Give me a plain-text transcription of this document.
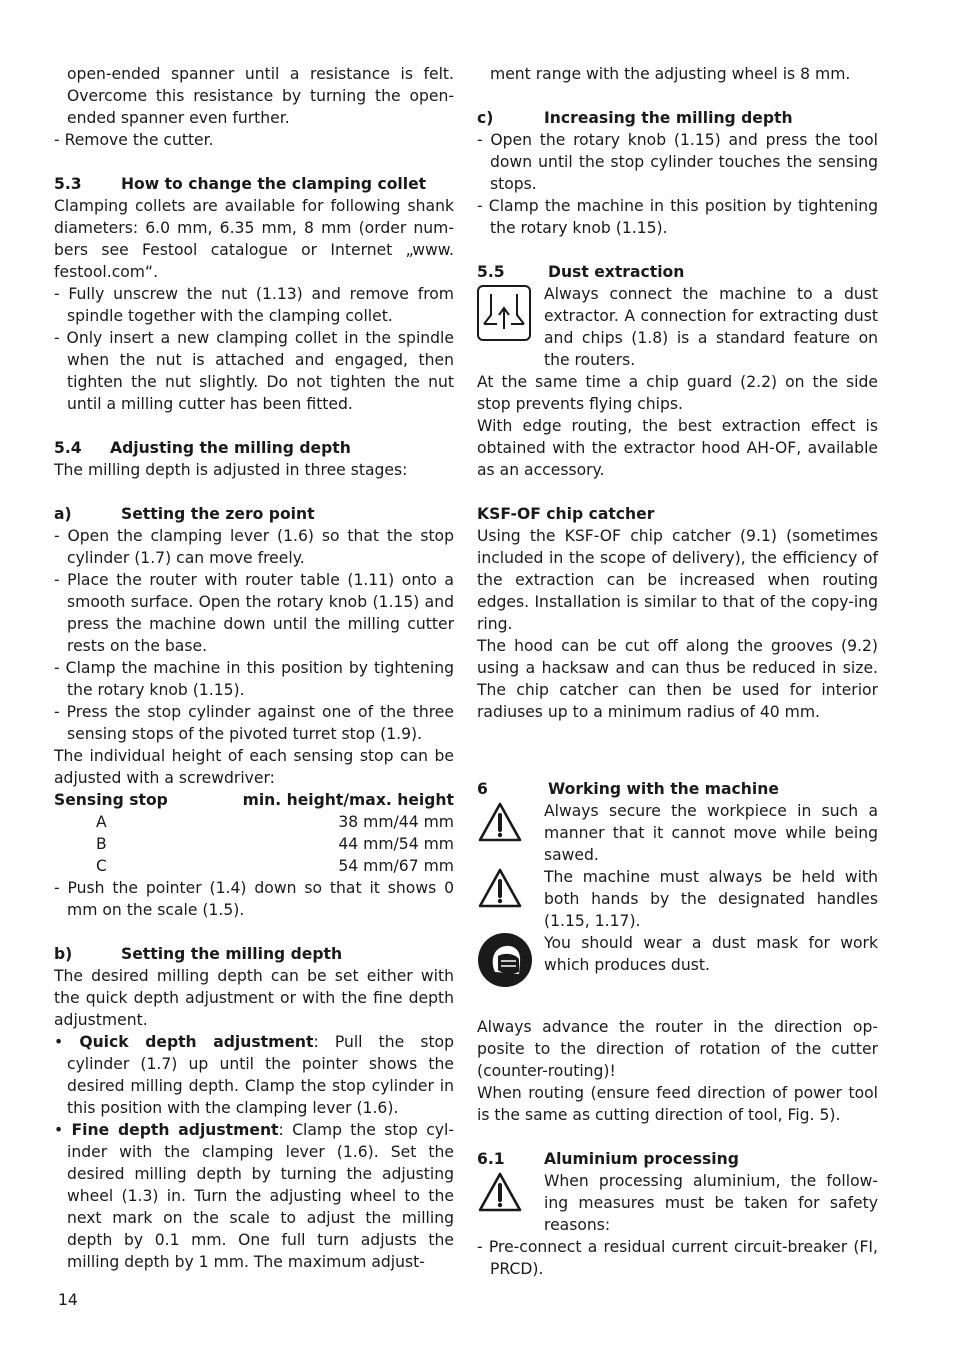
open-ended spanner until a resistance is felt. Overcome this resistance by turning the open-ended spanner even further.

- Remove the cutter.

5.3	How to change the clamping collet

Clamping collets are available for following shank diameters: 6.0 mm, 6.35 mm, 8 mm (order num-bers see Festool catalogue or Internet „www. festool.com“.

- Fully unscrew the nut (1.13) and remove from spindle together with the clamping collet.

- Only insert a new clamping collet in the spindle when the nut is attached and engaged, then tighten the nut slightly. Do not tighten the nut until a milling cutter has been fitted.

5.4 Adjusting the milling depth

The milling depth is adjusted in three stages:

a)	Setting the zero point

- Open the clamping lever (1.6) so that the stop cylinder (1.7) can move freely.

- Place the router with router table (1.11) onto a smooth surface. Open the rotary knob (1.15) and press the machine down until the milling cutter rests on the base.

- Clamp the machine in this position by tightening the rotary knob (1.15).

- Press the stop cylinder against one of the three sensing stops of the pivoted turret stop (1.9).

The individual height of each sensing stop can be adjusted with a screwdriver:

Sensing stop	min. height/max. height
A	38 mm/44 mm
B	44 mm/54 mm
C	54 mm/67 mm

- Push the pointer (1.4) down so that it shows 0 mm on the scale (1.5).

b)	Setting the milling depth

The desired milling depth can be set either with the quick depth adjustment or with the fine depth adjustment.

• Quick depth adjustment: Pull the stop cylinder (1.7) up until the pointer shows the desired milling depth. Clamp the stop cylinder in this position with the clamping lever (1.6).

• Fine depth adjustment: Clamp the stop cyl-inder with the clamping lever (1.6). Set the desired milling depth by turning the adjusting wheel (1.3) in. Turn the adjusting wheel to the next mark on the scale to adjust the milling depth by 0.1 mm. One full turn adjusts the milling depth by 1 mm. The maximum adjust-

ment range with the adjusting wheel is 8 mm.

c)	Increasing the milling depth

- Open the rotary knob (1.15) and press the tool down until the stop cylinder touches the sensing stops.

- Clamp the machine in this position by tightening the rotary knob (1.15).

5.5	Dust extraction
Always connect the machine to a dust extractor. A connection for extracting dust and chips (1.8) is a standard feature on the routers.

At the same time a chip guard (2.2) on the side stop prevents flying chips.

With edge routing, the best extraction effect is obtained with the extractor hood AH-OF, available as an accessory.

KSF-OF chip catcher

Using the KSF-OF chip catcher (9.1) (sometimes included in the scope of delivery), the efficiency of the extraction can be increased when routing edges. Installation is similar to that of the copy-ing ring.

The hood can be cut off along the grooves (9.2) using a hacksaw and can thus be reduced in size. The chip catcher can then be used for interior radiuses up to a minimum radius of 40 mm.

6	Working with the machine
Always secure the workpiece in such a manner that it cannot move while being sawed.
The machine must always be held with both hands by the designated handles (1.15, 1.17).
You should wear a dust mask for work which produces dust.

Always advance the router in the direction op-posite to the direction of rotation of the cutter (counter-routing)!

When routing (ensure feed direction of power tool is the same as cutting direction of tool, Fig. 5).

6.1	Aluminium processing
When processing aluminium, the follow-ing measures must be taken for safety reasons:

- Pre-connect a residual current circuit-breaker (FI, PRCD).

14
